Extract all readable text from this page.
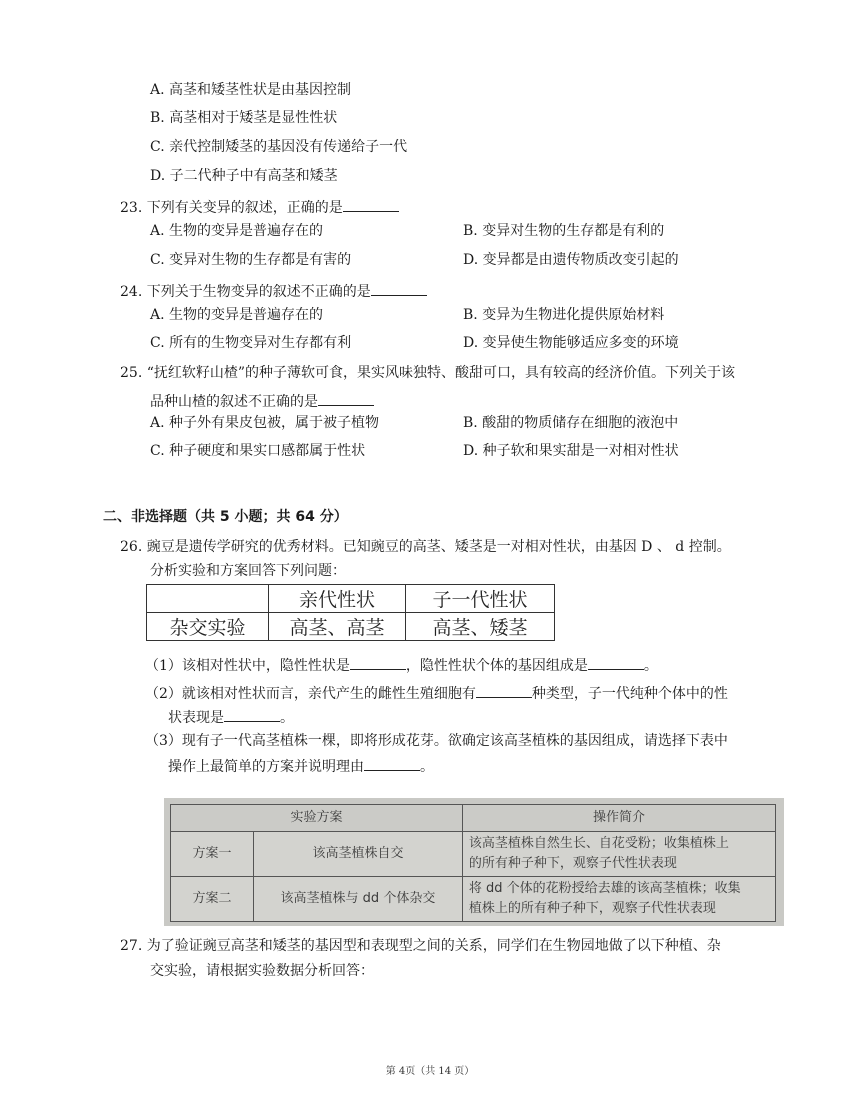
A. 高茎和矮茎性状是由基因控制
B. 高茎相对于矮茎是显性性状
C. 亲代控制矮茎的基因没有传递给子一代
D. 子二代种子中有高茎和矮茎
23. 下列有关变异的叙述，正确的是
A. 生物的变异是普遍存在的	B. 变异对生物的生存都是有利的
C. 变异对生物的生存都是有害的	D. 变异都是由遗传物质改变引起的
24. 下列关于生物变异的叙述不正确的是
A. 生物的变异是普遍存在的	B. 变异为生物进化提供原始材料
C. 所有的生物变异对生存都有利	D. 变异使生物能够适应多变的环境
25. “抚红软籽山楂”的种子薄软可食，果实风味独特、酸甜可口，具有较高的经济价值。下列关于该
品种山楂的叙述不正确的是
A. 种子外有果皮包被，属于被子植物	B. 酸甜的物质储存在细胞的液泡中
C. 种子硬度和果实口感都属于性状	D. 种子软和果实甜是一对相对性状
二、非选择题（共 5 小题；共 64 分）
26. 豌豆是遗传学研究的优秀材料。已知豌豆的高茎、矮茎是一对相对性状，由基因 D 、 d 控制。
分析实验和方案回答下列问题：
	亲代性状	子一代性状
杂交实验	高茎、高茎	高茎、矮茎
（1）该相对性状中，隐性性状是	，隐性性状个体的基因组成是	。
（2）就该相对性状而言，亲代产生的雌性生殖细胞有	种类型，子一代纯种个体中的性
状表现是	。
（3）现有子一代高茎植株一棵，即将形成花芽。欲确定该高茎植株的基因组成，请选择下表中
操作上最简单的方案并说明理由	。
实验方案		操作简介
方案一	该高茎植株自交	该高茎植株自然生长、自花受粉；收集植株上
的所有种子种下，观察子代性状表现

方案二	该高茎植株与 dd 个体杂交	将 dd 个体的花粉授给去雄的该高茎植株；收集
植株上的所有种子种下，观察子代性状表现
27. 为了验证豌豆高茎和矮茎的基因型和表现型之间的关系，同学们在生物园地做了以下种植、杂
交实验，请根据实验数据分析回答：
第 4页（共 14 页）
